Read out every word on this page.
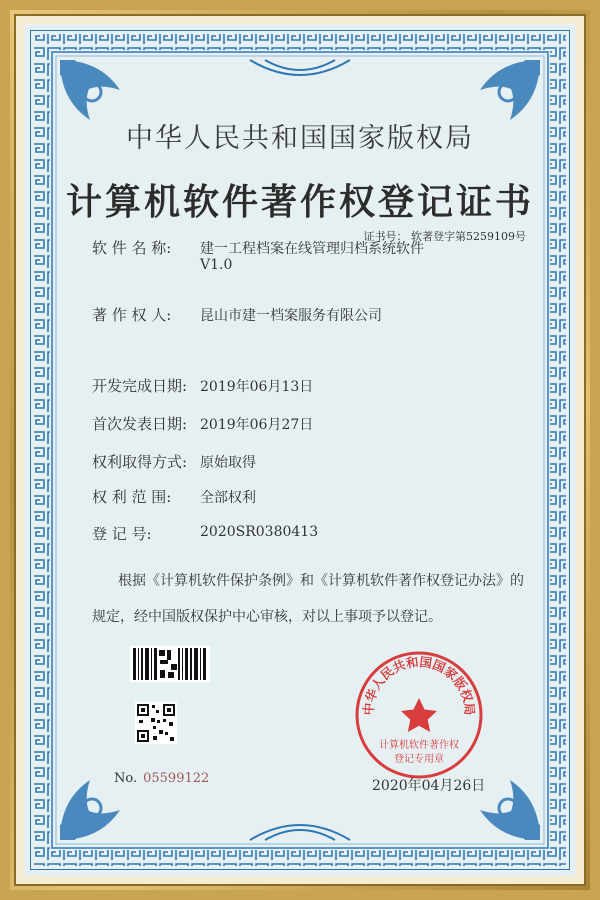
中华人民共和国国家版权局
计算机软件著作权登记证书
证书号： 软著登字第5259109号
软 件 名 称: 建一工程档案在线管理归档系统软件
V1.0
著 作 权 人: 昆山市建一档案服务有限公司
开发完成日期: 2019年06月13日
首次发表日期: 2019年06月27日
权利取得方式: 原始取得
权 利 范 围: 全部权利
登 记 号:	2020SR0380413
根据《计算机软件保护条例》和《计算机软件著作权登记办法》的
规定，经中国版权保护中心审核，对以上事项予以登记。
No. 05599122
中华人民共和国国家版权局
计算机软件著作权
登记专用章
2020年04月26日
